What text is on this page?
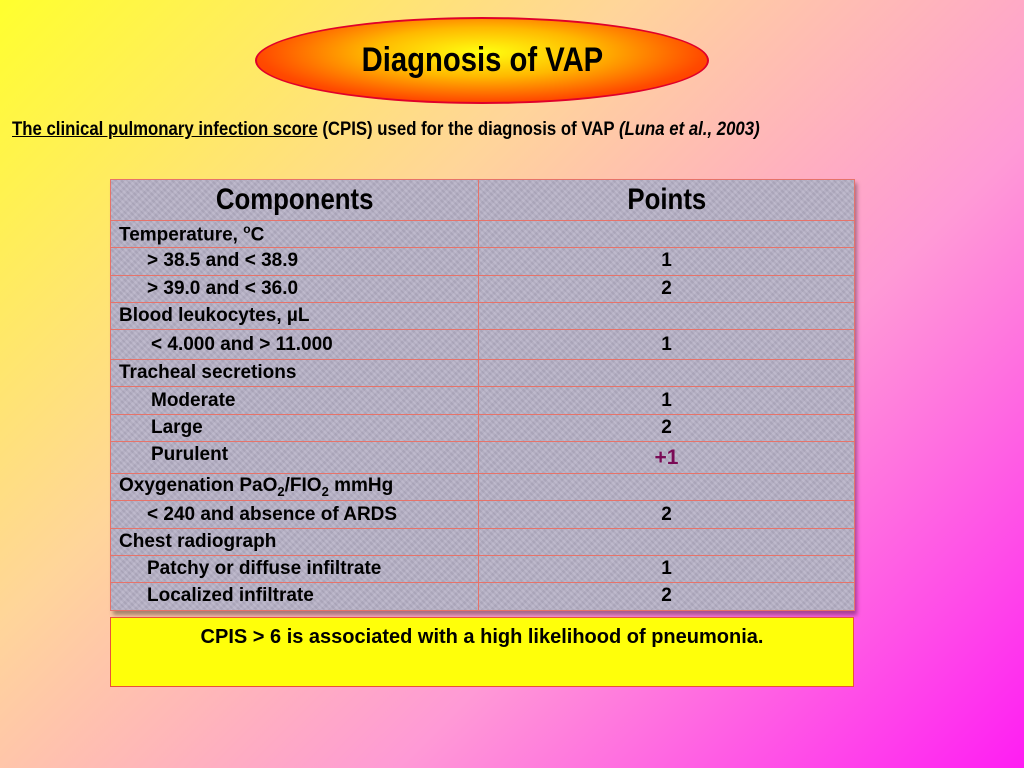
Diagnosis of VAP
The clinical pulmonary infection score (CPIS) used for the diagnosis of VAP (Luna et al., 2003)
Components	Points
Temperature, $^o$C	
> 38.5 and < 38.9	1
> 39.0 and < 36.0	2
Blood leukocytes, µL	
< 4.000 and > 11.000	1
Tracheal secretions	
Moderate	1
Large	2
Purulent	+1
Oxygenation $PaO_2/FIO_2$ mmHg	
< 240 and absence of ARDS	2
Chest radiograph	
Patchy or diffuse infiltrate	1
Localized infiltrate	2
CPIS > 6 is associated with a high likelihood of pneumonia.
